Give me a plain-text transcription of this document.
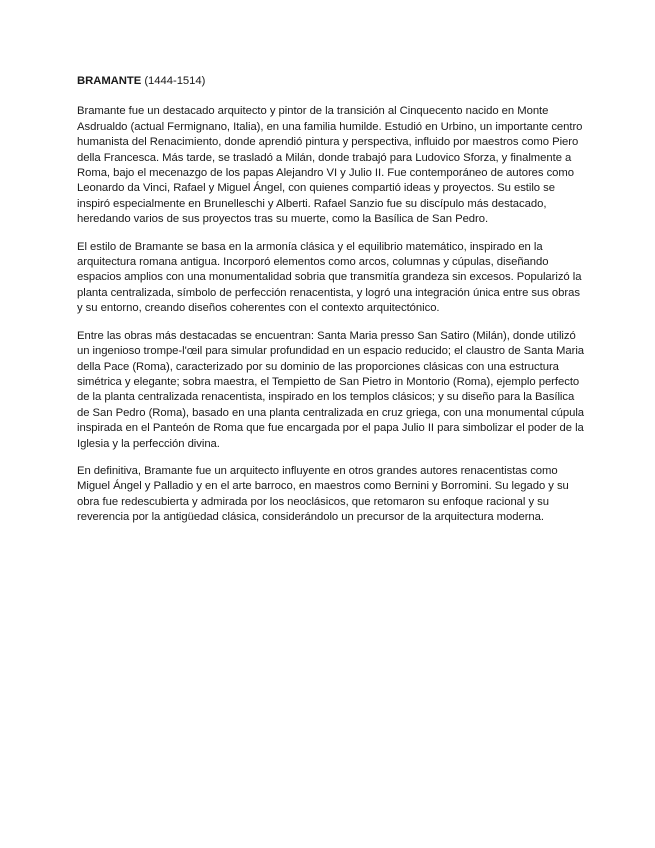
BRAMANTE (1444-1514)

Bramante fue un destacado arquitecto y pintor de la transición al Cinquecento nacido en Monte Asdrualdo (actual Fermignano, Italia), en una familia humilde. Estudió en Urbino, un importante centro humanista del Renacimiento, donde aprendió pintura y perspectiva, influido por maestros como Piero della Francesca. Más tarde, se trasladó a Milán, donde trabajó para Ludovico Sforza, y finalmente a Roma, bajo el mecenazgo de los papas Alejandro VI y Julio II. Fue contemporáneo de autores como Leonardo da Vinci, Rafael y Miguel Ángel, con quienes compartió ideas y proyectos. Su estilo se inspiró especialmente en Brunelleschi y Alberti. Rafael Sanzio fue su discípulo más destacado, heredando varios de sus proyectos tras su muerte, como la Basílica de San Pedro.

El estilo de Bramante se basa en la armonía clásica y el equilibrio matemático, inspirado en la arquitectura romana antigua. Incorporó elementos como arcos, columnas y cúpulas, diseñando espacios amplios con una monumentalidad sobria que transmitía grandeza sin excesos. Popularizó la planta centralizada, símbolo de perfección renacentista, y logró una integración única entre sus obras y su entorno, creando diseños coherentes con el contexto arquitectónico.

Entre las obras más destacadas se encuentran: Santa Maria presso San Satiro (Milán), donde utilizó un ingenioso trompe-l'œil para simular profundidad en un espacio reducido; el claustro de Santa Maria della Pace (Roma), caracterizado por su dominio de las proporciones clásicas con una estructura simétrica y elegante; sobra maestra, el Tempietto de San Pietro in Montorio (Roma), ejemplo perfecto de la planta centralizada renacentista, inspirado en los templos clásicos; y su diseño para la Basílica de San Pedro (Roma), basado en una planta centralizada en cruz griega, con una monumental cúpula inspirada en el Panteón de Roma que fue encargada por el papa Julio II para simbolizar el poder de la Iglesia y la perfección divina.

En definitiva, Bramante fue un arquitecto influyente en otros grandes autores renacentistas como Miguel Ángel y Palladio y en el arte barroco, en maestros como Bernini y Borromini. Su legado y su obra fue redescubierta y admirada por los neoclásicos, que retomaron su enfoque racional y su reverencia por la antigüedad clásica, considerándolo un precursor de la arquitectura moderna.
